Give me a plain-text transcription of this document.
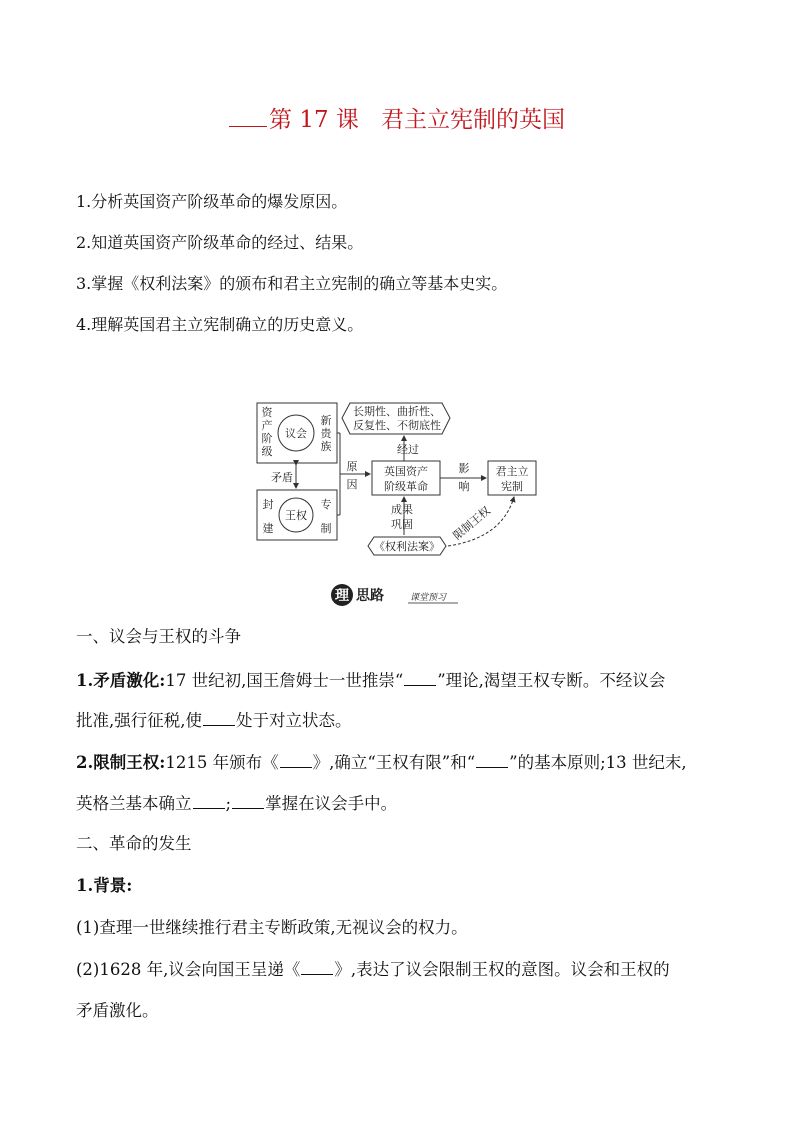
第 17 课 君主立宪制的英国
1.分析英国资产阶级革命的爆发原因。
2.知道英国资产阶级革命的经过、结果。
3.掌握《权利法案》的颁布和君主立宪制的确立等基本史实。
4.理解英国君主立宪制确立的历史意义。
议会
资
产
阶
级
新
贵
族
矛盾
王权
封
建
专
制
原
因
长期性、曲折性、
反复性、不彻底性
经过
英国资产
阶级革命
影
响
君主立
宪制
成果
巩固
《权利法案》
限制王权
理 思路	课堂预习
一、议会与王权的斗争
1.矛盾激化:17 世纪初,国王詹姆士一世推崇“ ”理论,渴望王权专断。不经议会
批准,强行征税,使 处于对立状态。
2.限制王权:1215 年颁布《 》,确立“王权有限”和“ ”的基本原则;13 世纪末,
英格兰基本确立 ; 掌握在议会手中。
二、革命的发生
1.背景:
(1)查理一世继续推行君主专断政策,无视议会的权力。
(2)1628 年,议会向国王呈递《 》,表达了议会限制王权的意图。议会和王权的
矛盾激化。
